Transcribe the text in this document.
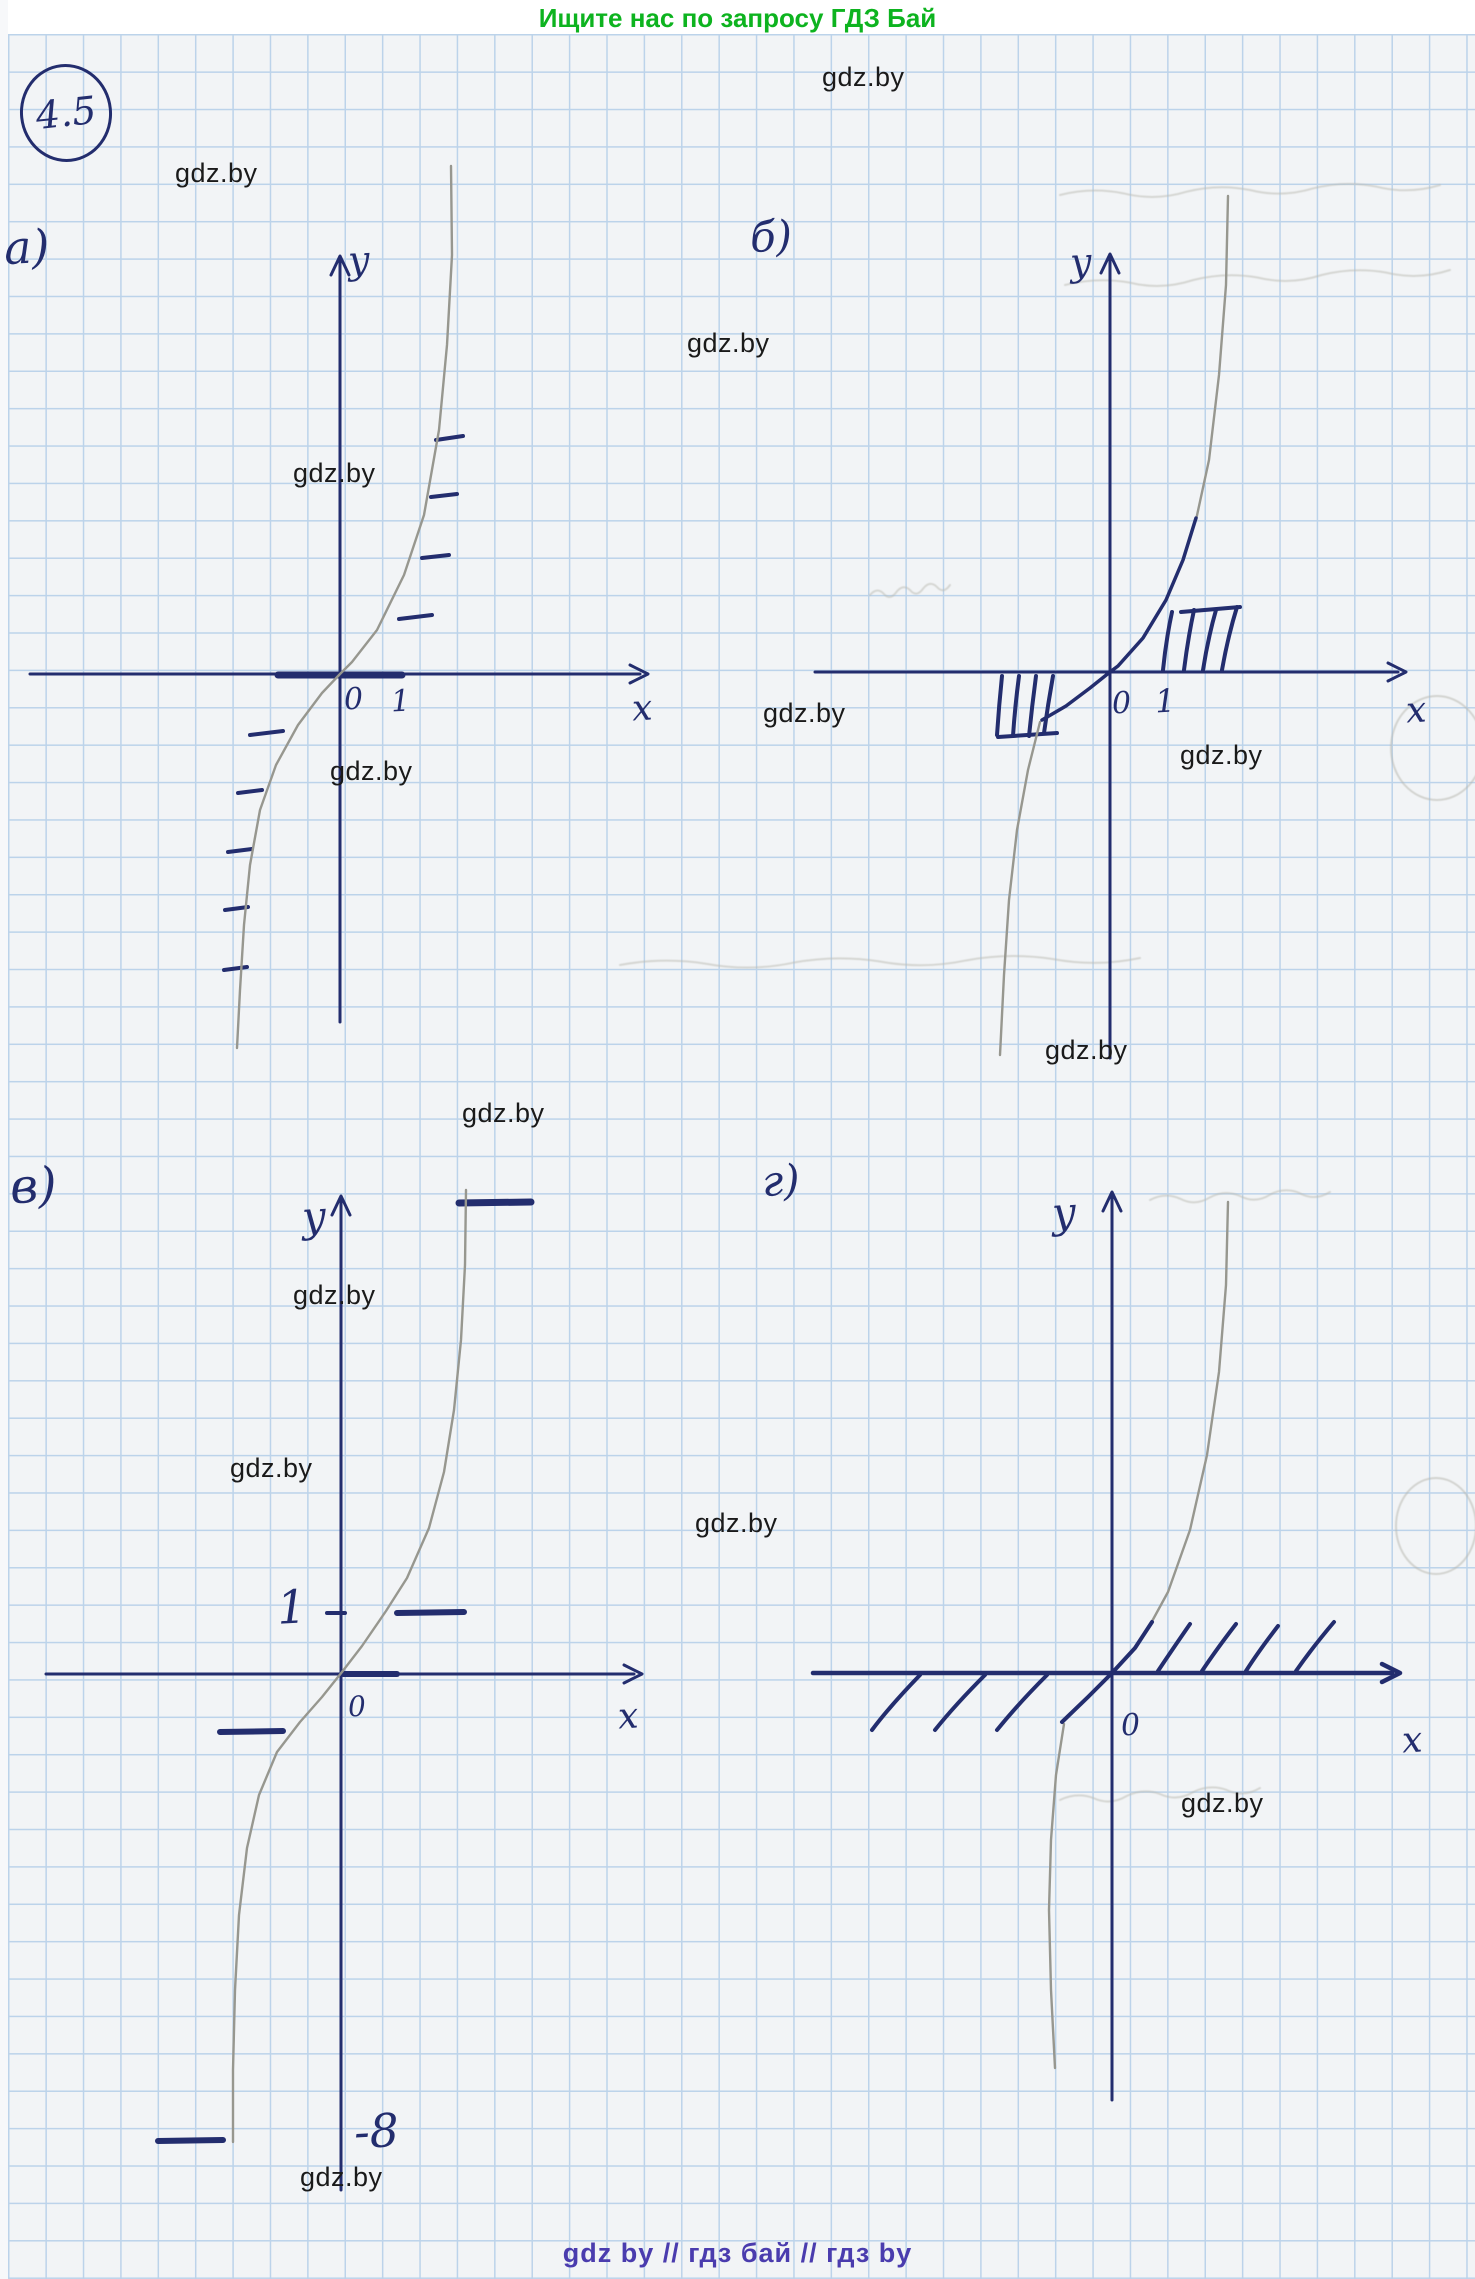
Ищите нас по запросу ГДЗ Бай
4.5
а)	y
x
0 1
б)	y
x
0 1
в)
y
x
1
0
-8
г)
y
x
0
gdz.by
gdz.by
gdz.by
gdz.by
gdz.by
gdz.by
gdz.by
gdz.by
gdz.by
gdz.by
gdz.by
gdz.by
gdz.by
gdz.by
gdz by // гдз бай // гдз by
